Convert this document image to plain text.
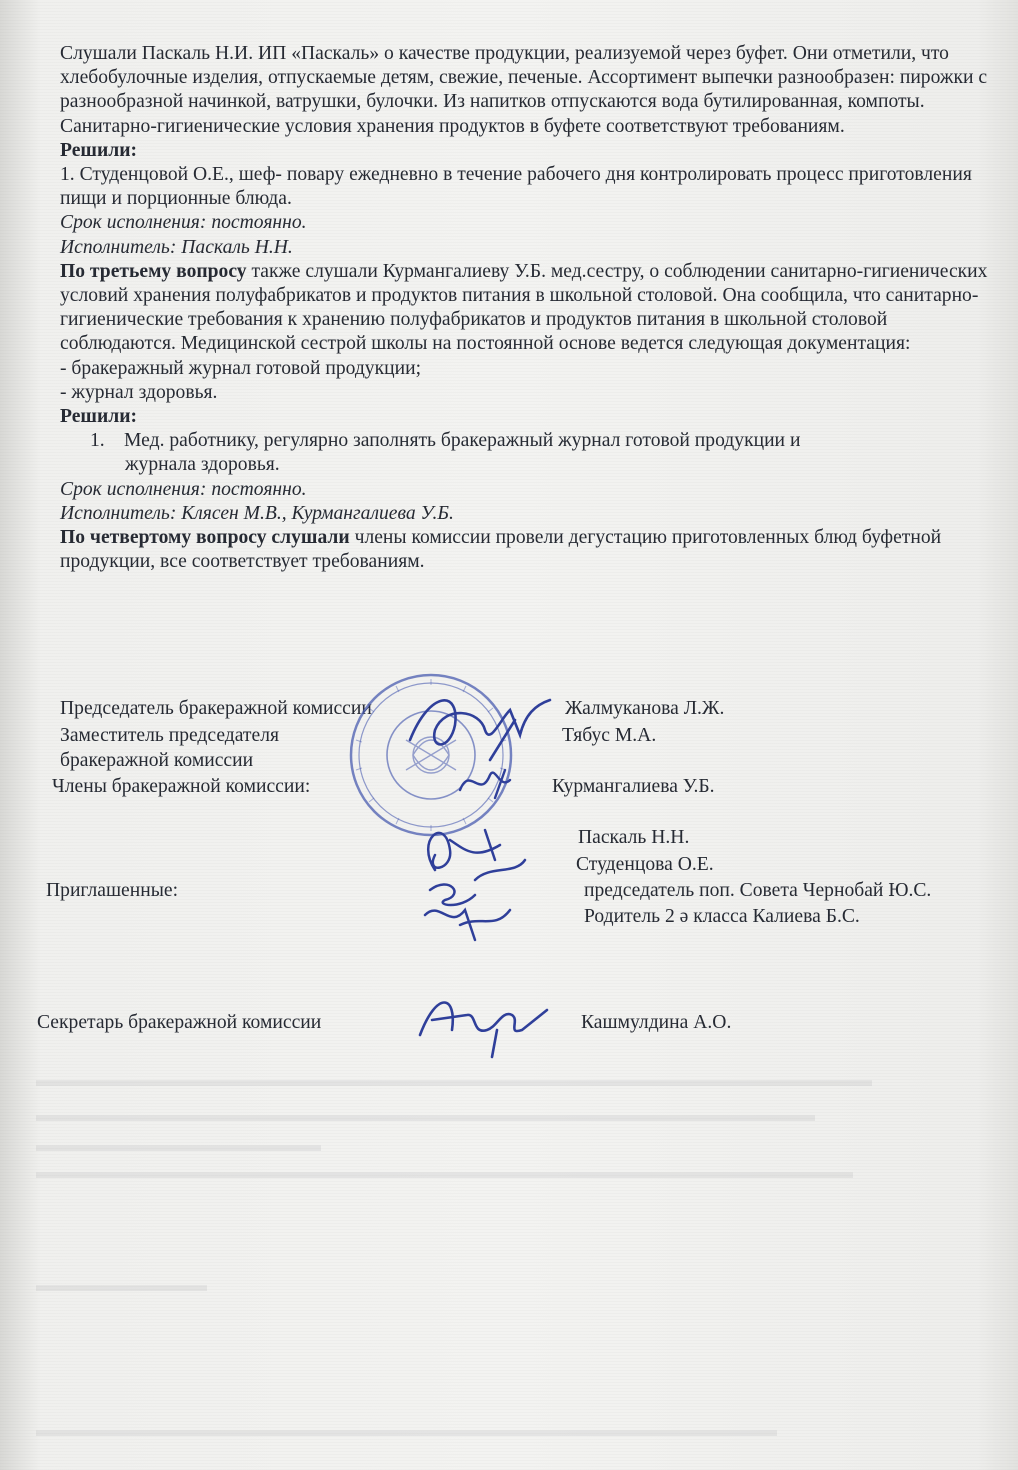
▬▬▬▬▬▬▬▬▬▬▬▬▬▬▬▬▬▬▬▬▬▬▬▬▬▬▬▬▬▬▬▬▬▬▬▬▬▬▬▬▬▬▬▬
▬▬▬▬▬▬▬▬▬▬▬▬▬▬▬▬▬▬▬▬▬▬▬▬▬▬▬▬▬▬▬▬▬▬▬▬▬▬▬▬▬
▬▬▬▬▬▬▬▬▬▬▬▬▬▬▬
▬▬▬▬▬▬▬▬▬▬▬▬▬▬▬▬▬▬▬▬▬▬▬▬▬▬▬▬▬▬▬▬▬▬▬▬▬▬▬▬▬▬▬
▬▬▬▬▬▬▬▬▬
▬▬▬▬▬▬▬▬▬▬▬▬▬▬▬▬▬▬▬▬▬▬▬▬▬▬▬▬▬▬▬▬▬▬▬▬▬▬▬

Слушали Паскаль Н.И. ИП «Паскаль» о качестве продукции, реализуемой через буфет. Они отметили, что хлебобулочные изделия, отпускаемые детям, свежие, печеные. Ассортимент выпечки разнообразен: пирожки с разнообразной начинкой, ватрушки, булочки. Из напитков отпускаются вода бутилированная, компоты. Санитарно-гигиенические условия хранения продуктов в буфете соответствуют требованиям.

Решили:

1. Студенцовой О.Е., шеф- повару ежедневно в течение рабочего дня контролировать процесс приготовления пищи и порционные блюда.

Срок исполнения: постоянно.

Исполнитель: Паскаль Н.Н.

По третьему вопросу также слушали Курмангалиеву У.Б. мед.сестру, о соблюдении санитарно-гигиенических условий хранения полуфабрикатов и продуктов питания в школьной столовой. Она сообщила, что санитарно-гигиенические требования к хранению полуфабрикатов и продуктов питания в школьной столовой соблюдаются. Медицинской сестрой школы на постоянной основе ведется следующая документация:

- бракеражный журнал готовой продукции;

- журнал здоровья.

Решили:

1. Мед. работнику, регулярно заполнять бракеражный журнал готовой продукции и

журнала здоровья.

Срок исполнения: постоянно.

Исполнитель: Клясен М.В., Курмангалиева У.Б.

По четвертому вопросу слушали члены комиссии провели дегустацию приготовленных блюд буфетной продукции, все соответствует требованиям.

Председатель бракеражной комиссии	Жалмуканова Л.Ж.
Заместитель председателя
бракеражной комиссии
Тябус М.А.
Члены бракеражной комиссии:	Курмангалиева У.Б.
Паскаль Н.Н.
Студенцова О.Е.
Приглашенные:	председатель поп. Совета Чернобай Ю.С.
Родитель 2 ә класса Калиева Б.С.
Секретарь бракеражной комиссии	Кашмулдина А.О.
